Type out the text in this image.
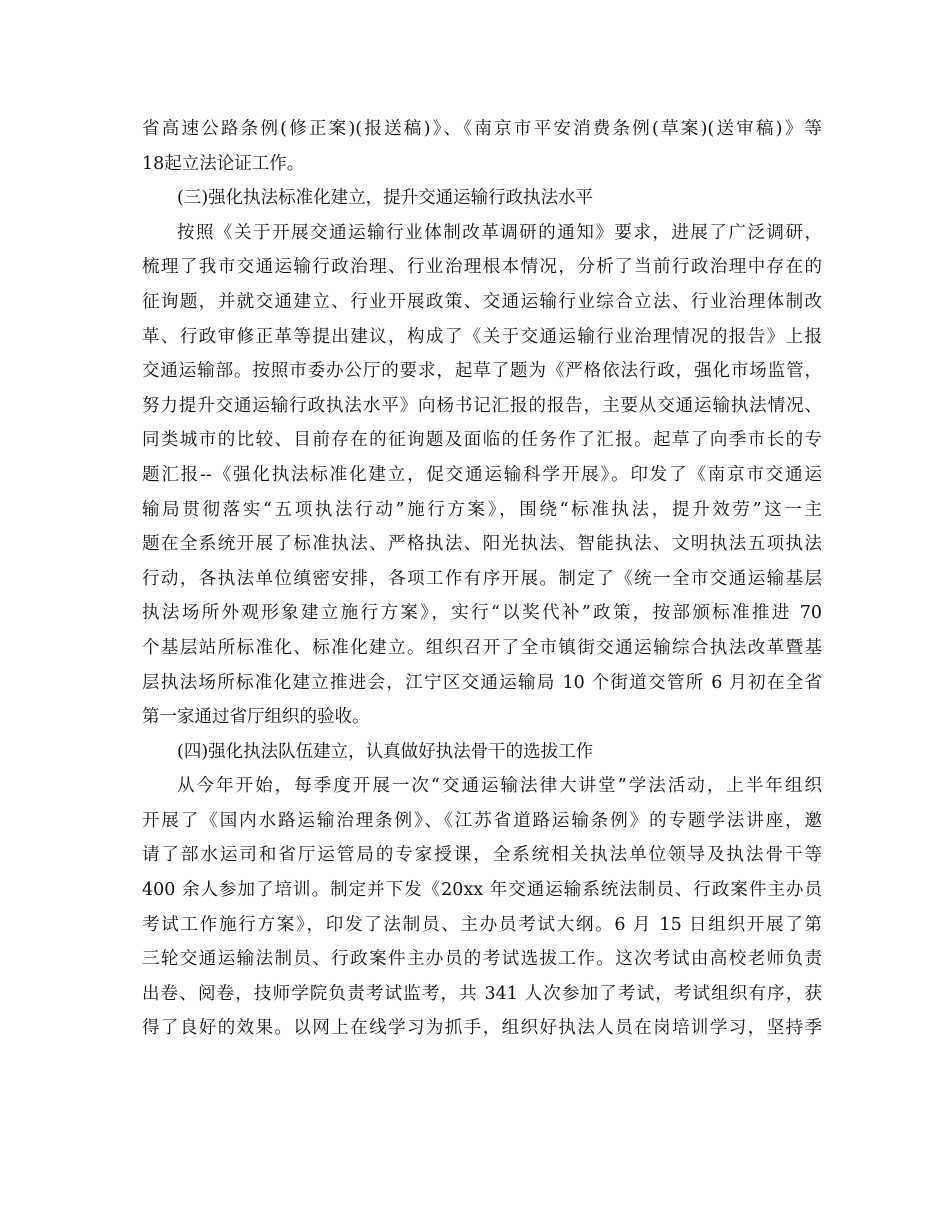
省高速公路条例(修正案)(报送稿)》、《南京市平安消费条例(草案)(送审稿)》等
18起立法论证工作。
(三)强化执法标准化建立，提升交通运输行政执法水平
按照《关于开展交通运输行业体制改革调研的通知》要求，进展了广泛调研，
梳理了我市交通运输行政治理、行业治理根本情况，分析了当前行政治理中存在的
征询题，并就交通建立、行业开展政策、交通运输行业综合立法、行业治理体制改
革、行政审修正革等提出建议，构成了《关于交通运输行业治理情况的报告》上报
交通运输部。按照市委办公厅的要求，起草了题为《严格依法行政，强化市场监管，
努力提升交通运输行政执法水平》向杨书记汇报的报告，主要从交通运输执法情况、
同类城市的比较、目前存在的征询题及面临的任务作了汇报。起草了向季市长的专
题汇报--《强化执法标准化建立，促交通运输科学开展》。印发了《南京市交通运
输局贯彻落实“五项执法行动”施行方案》，围绕“标准执法，提升效劳”这一主
题在全系统开展了标准执法、严格执法、阳光执法、智能执法、文明执法五项执法
行动，各执法单位缜密安排，各项工作有序开展。制定了《统一全市交通运输基层
执法场所外观形象建立施行方案》，实行“以奖代补”政策，按部颁标准推进 70
个基层站所标准化、标准化建立。组织召开了全市镇街交通运输综合执法改革暨基
层执法场所标准化建立推进会，江宁区交通运输局 10 个街道交管所 6 月初在全省
第一家通过省厅组织的验收。
(四)强化执法队伍建立，认真做好执法骨干的选拔工作
从今年开始，每季度开展一次“交通运输法律大讲堂”学法活动，上半年组织
开展了《国内水路运输治理条例》、《江苏省道路运输条例》的专题学法讲座，邀
请了部水运司和省厅运管局的专家授课，全系统相关执法单位领导及执法骨干等
400 余人参加了培训。制定并下发《20xx 年交通运输系统法制员、行政案件主办员
考试工作施行方案》，印发了法制员、主办员考试大纲。6 月 15 日组织开展了第
三轮交通运输法制员、行政案件主办员的考试选拔工作。这次考试由高校老师负责
出卷、阅卷，技师学院负责考试监考，共 341 人次参加了考试，考试组织有序，获
得了良好的效果。以网上在线学习为抓手，组织好执法人员在岗培训学习，坚持季
